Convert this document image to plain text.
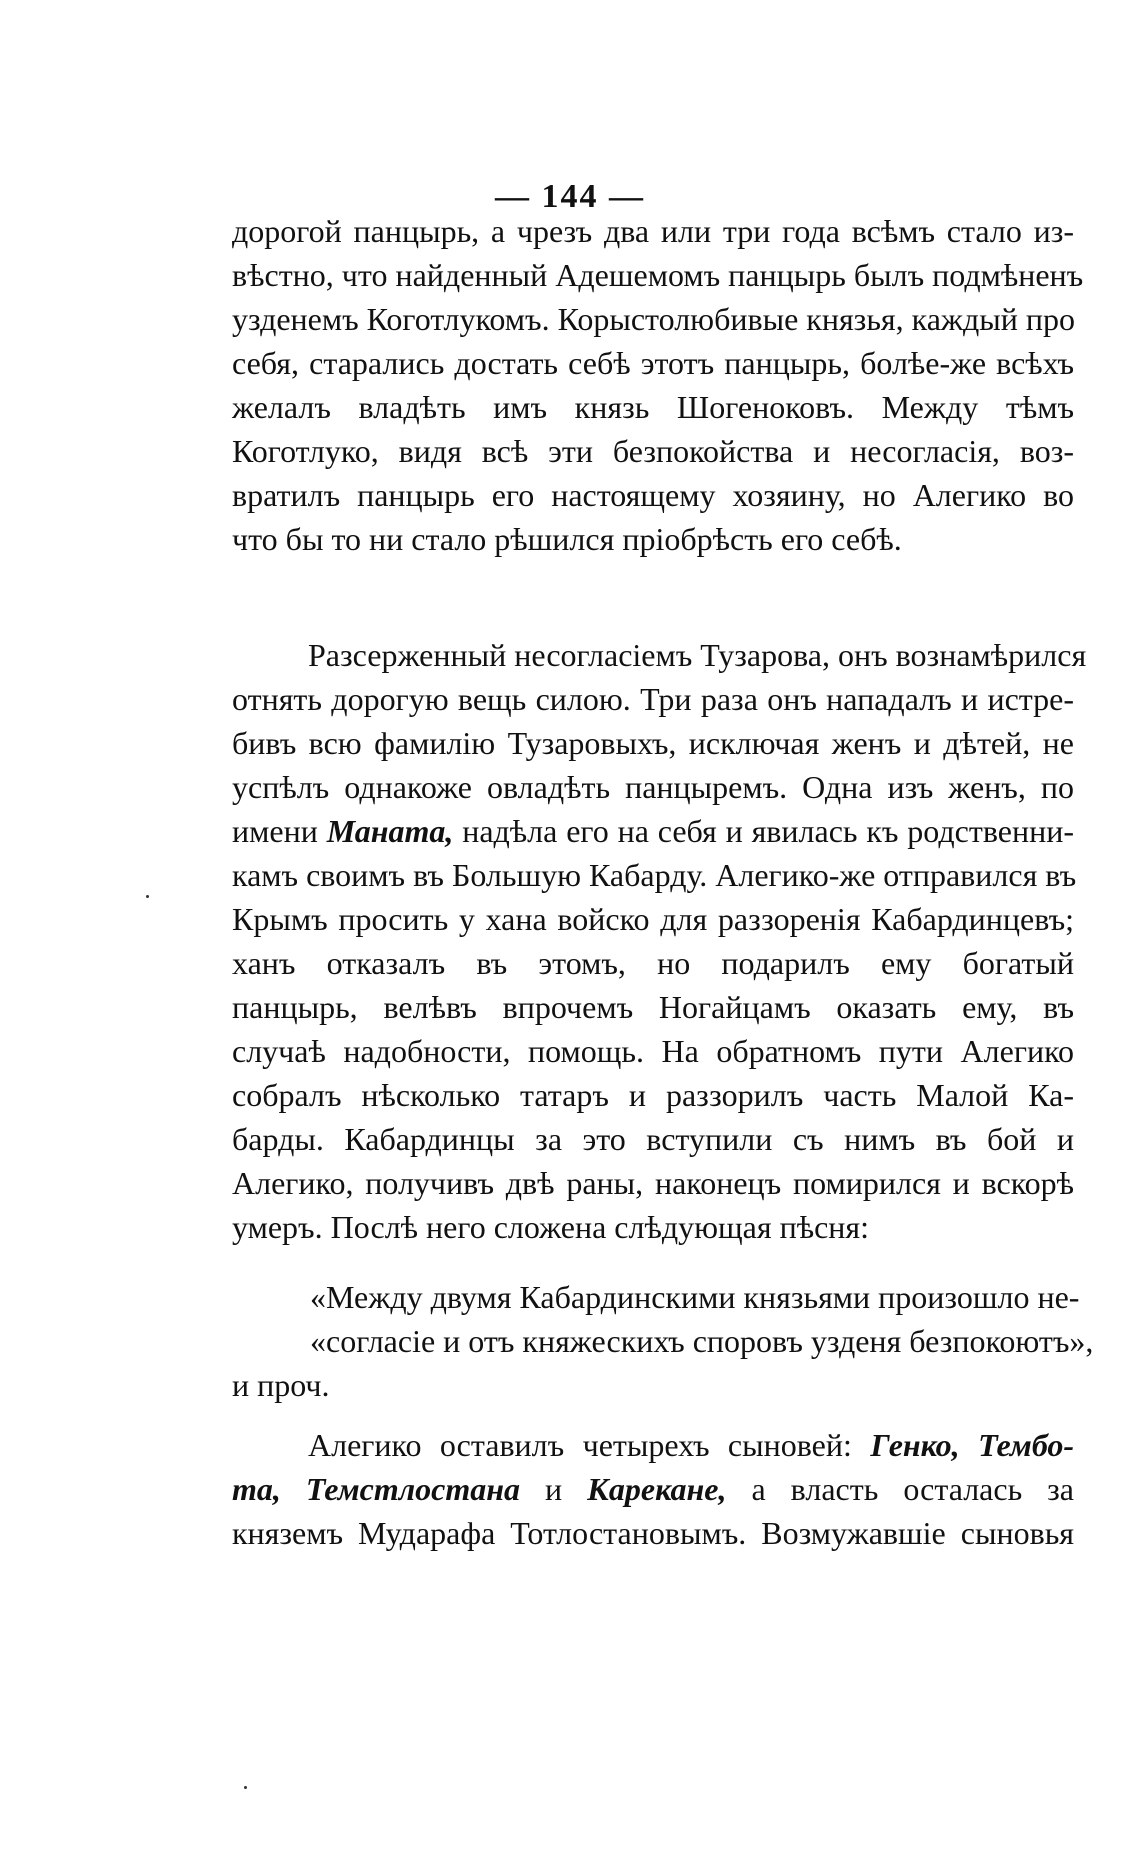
— 144 —
дорогой панцырь, а чрезъ два или три года всѣмъ стало из-
вѣстно, что найденный Адешемомъ панцырь былъ подмѣненъ
узденемъ Коготлукомъ. Корыстолюбивые князья, каждый про
себя, старались достать себѣ этотъ панцырь, болѣе-же всѣхъ
желалъ владѣть имъ князь Шогеноковъ. Между тѣмъ
Коготлуко, видя всѣ эти безпокойства и несогласія, воз-
вратилъ панцырь его настоящему хозяину, но Алегико во
что бы то ни стало рѣшился пріобрѣсть его себѣ.
Разсерженный несогласіемъ Тузарова, онъ вознамѣрился
отнять дорогую вещь силою. Три раза онъ нападалъ и истре-
бивъ всю фамилію Тузаровыхъ, исключая женъ и дѣтей, не
успѣлъ однакоже овладѣть панцыремъ. Одна изъ женъ, по
имени Маната, надѣла его на себя и явилась къ родственни-
камъ своимъ въ Большую Кабарду. Алегико-же отправился въ
Крымъ просить у хана войско для раззоренія Кабардинцевъ;
ханъ отказалъ въ этомъ, но подарилъ ему богатый
панцырь, велѣвъ впрочемъ Ногайцамъ оказать ему, въ
случаѣ надобности, помощь. На обратномъ пути Алегико
собралъ нѣсколько татаръ и раззорилъ часть Малой Ка-
барды. Кабардинцы за это вступили съ нимъ въ бой и
Алегико, получивъ двѣ раны, наконецъ помирился и вскорѣ
умеръ. Послѣ него сложена слѣдующая пѣсня:
«Между двумя Кабардинскими князьями произошло не-
«согласіе и отъ княжескихъ споровъ узденя безпокоютъ»,
и проч.
Алегико оставилъ четырехъ сыновей: Генко, Тембо-
та, Темстлостана и Карекане, а власть осталась за
княземъ Мударафа Тотлостановымъ. Возмужавшіе сыновья
